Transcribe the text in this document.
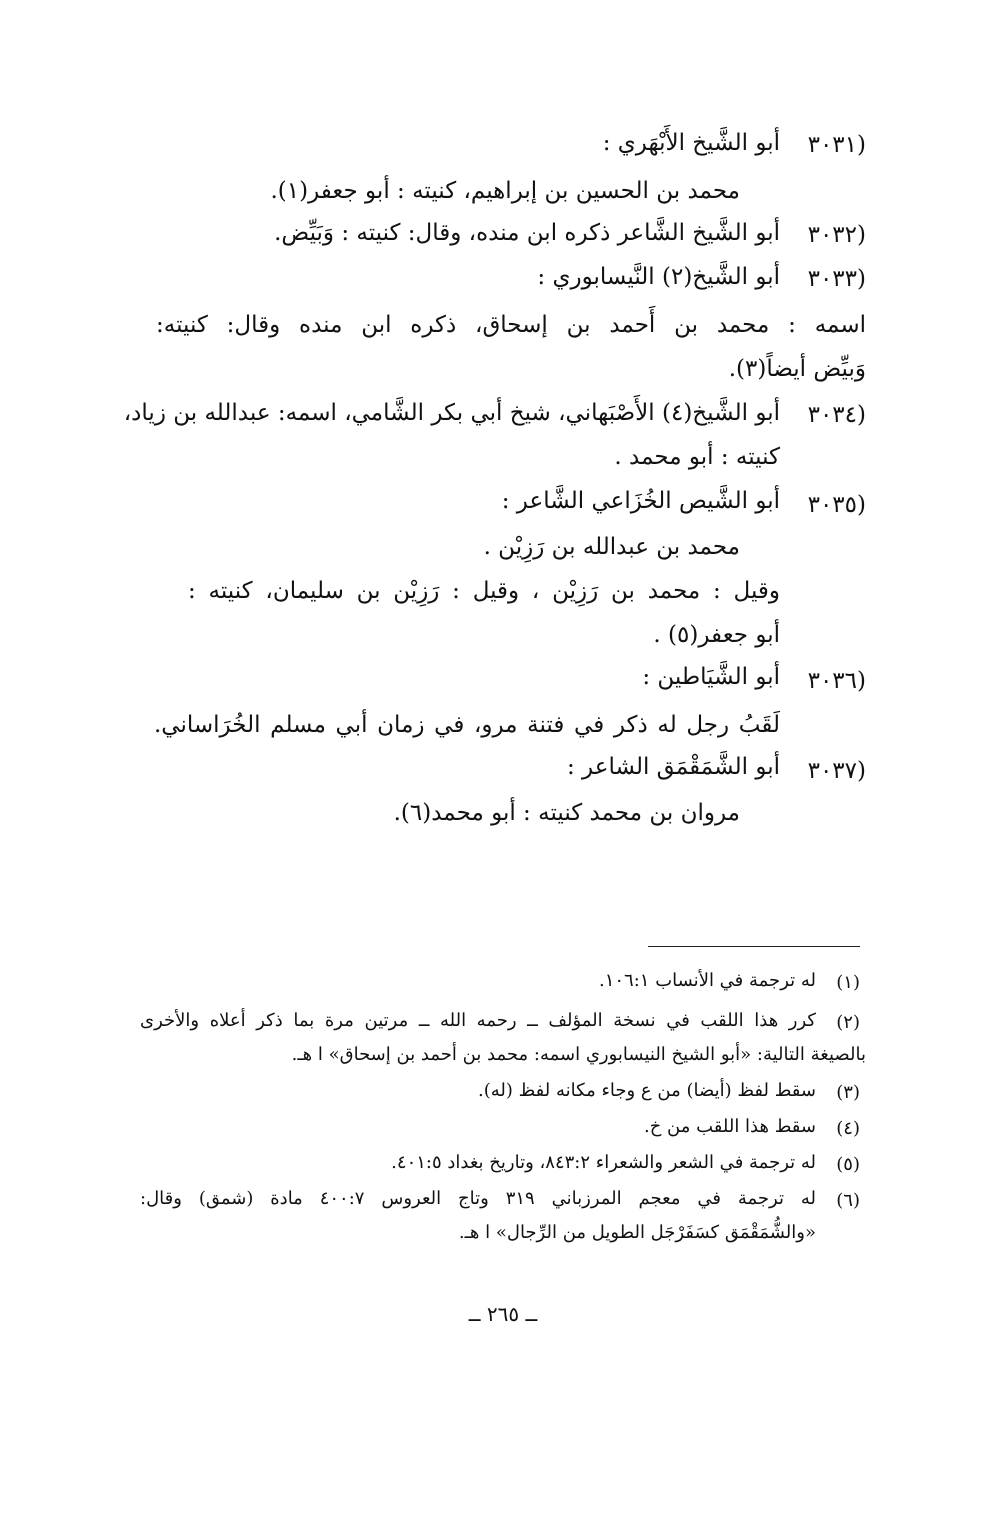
(٣٠٣١
أبو الشَّيخ الأَبْهَري :
محمد بن الحسين بن إبراهيم، كنيته : أبو جعفر(١).
(٣٠٣٢
أبو الشَّيخ الشَّاعر ذكره ابن منده، وقال: كنيته : وَبَيِّض.
(٣٠٣٣
أبو الشَّيخ(٢) النَّيسابوري :
اسمه : محمد بن أَحمد بن إسحاق، ذكره ابن منده وقال: كنيته:
وَبيِّض أيضاً(٣).
(٣٠٣٤
أبو الشَّيخ(٤) الأَصْبَهاني، شيخ أبي بكر الشَّامي، اسمه: عبدالله بن زياد،
كنيته : أبو محمد .
(٣٠٣٥
أبو الشَّيص الخُزَاعي الشَّاعر :
محمد بن عبدالله بن رَزِيْن .
وقيل : محمد بن رَزِيْن ، وقيل : رَزِيْن بن سليمان، كنيته :
أبو جعفر(٥) .
(٣٠٣٦
أبو الشَّيَاطين :
لَقَبُ رجل له ذكر في فتنة مرو، في زمان أبي مسلم الخُرَاساني.
(٣٠٣٧
أبو الشَّمَقْمَق الشاعر :
مروان بن محمد كنيته : أبو محمد(٦).
(١)
له ترجمة في الأنساب ١٠٦:١.
(٢)
كرر هذا اللقب في نسخة المؤلف ــ رحمه الله ــ مرتين مرة بما ذكر أعلاه والأخرى
بالصيغة التالية: «أبو الشيخ النيسابوري اسمه: محمد بن أحمد بن إسحاق» ا هـ.
(٣)
سقط لفظ (أيضا) من ع وجاء مكانه لفظ (له).
(٤)
سقط هذا اللقب من خ.
(٥)
له ترجمة في الشعر والشعراء ٨٤٣:٢، وتاريخ بغداد ٤٠١:٥.
(٦)
له ترجمة في معجم المرزباني ٣١٩ وتاج العروس ٤٠٠:٧ مادة (شمق) وقال:
«والشُّمَقْمَق كسَفَرْجَل الطويل من الرِّجال» ا هـ.
ــ ٢٦٥ ــ
